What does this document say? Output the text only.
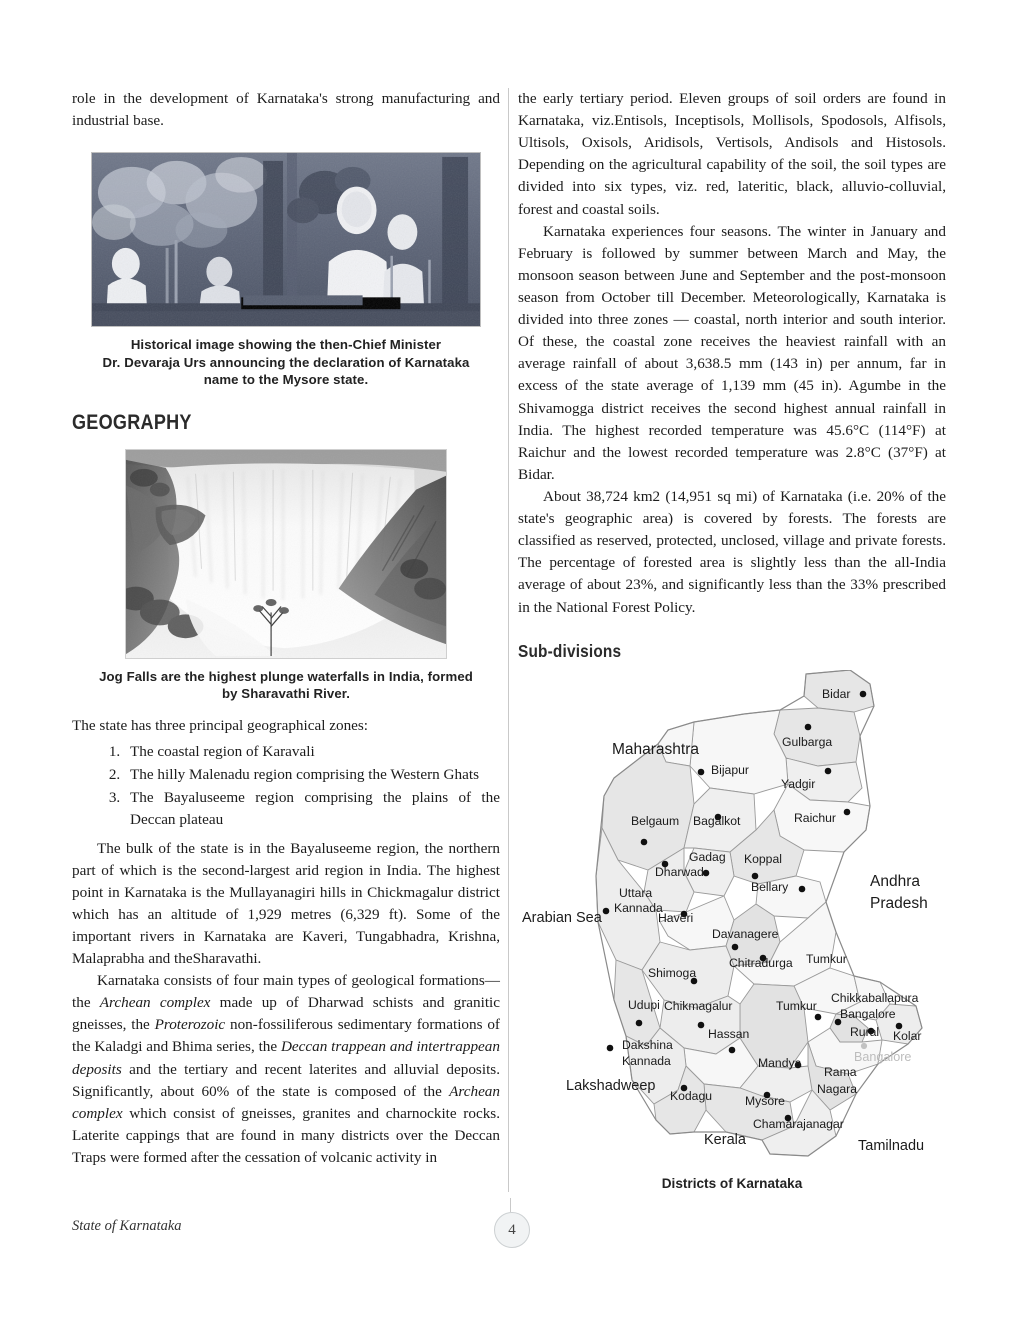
role in the development of Karnataka's strong manufacturing and industrial base.

Historical image showing the then-Chief Minister
Dr. Devaraja Urs announcing the declaration of Karnataka
name to the Mysore state.
GEOGRAPHY
Jog Falls are the highest plunge waterfalls in India, formed
by Sharavathi River.

The state has three principal geographical zones:

1. The coastal region of Karavali
2. The hilly Malenadu region comprising the Western Ghats
3. The Bayaluseeme region comprising the plains of the Deccan plateau

The bulk of the state is in the Bayaluseeme region, the northern part of which is the second-largest arid region in India. The highest point in Karnataka is the Mullayanagiri hills in Chickmagalur district which has an altitude of 1,929 metres (6,329 ft). Some of the important rivers in Karnataka are Kaveri, Tungabhadra, Krishna, Malaprabha and theSharavathi.

Karnataka consists of four main types of geological formations— the Archean complex made up of Dharwad schists and granitic gneisses, the Proterozoic non-fossiliferous sedimentary formations of the Kaladgi and Bhima series, the Deccan trappean and intertrappean deposits and the tertiary and recent laterites and alluvial deposits. Significantly, about 60% of the state is composed of the Archean complex which consist of gneisses, granites and charnockite rocks. Laterite cappings that are found in many districts over the Deccan Traps were formed after the cessation of volcanic activity in

the early tertiary period. Eleven groups of soil orders are found in Karnataka, viz.Entisols, Inceptisols, Mollisols, Spodosols, Alfisols, Ultisols, Oxisols, Aridisols, Vertisols, Andisols and Histosols. Depending on the agricultural capability of the soil, the soil types are divided into six types, viz. red, lateritic, black, alluvio-colluvial, forest and coastal soils.

Karnataka experiences four seasons. The winter in January and February is followed by summer between March and May, the monsoon season between June and September and the post-monsoon season from October till December. Meteorologically, Karnataka is divided into three zones — coastal, north interior and south interior. Of these, the coastal zone receives the heaviest rainfall with an average rainfall of about 3,638.5 mm (143 in) per annum, far in excess of the state average of 1,139 mm (45 in). Agumbe in the Shivamogga district receives the second highest annual rainfall in India. The highest recorded temperature was 45.6°C (114°F) at Raichur and the lowest recorded temperature was 2.8°C (37°F) at Bidar.

About 38,724 km2 (14,951 sq mi) of Karnataka (i.e. 20% of the state's geographic area) is covered by forests. The forests are classified as reserved, protected, unclosed, village and private forests. The percentage of forested area is slightly less than the all-India average of about 23%, and significantly less than the 33% prescribed in the National Forest Policy.

Sub-divisions
Maharashtra
Andhra
Pradesh
Arabian Sea
Lakshadweep
Kerala	Tamilnadu
Bangalore
Bidar
Gulbarga
Bijapur
Yadgir
Raichur
Belgaum Bagalkot
Gadag Koppal
Dharwad
Bellary
Uttara
Kannada
Haveri
Davanagere
Chitradurga Tumkur
Shimoga
Chikkaballapura
Udupi Chikmagalur	Tumkur
Bangalore
Rural Kolar
Hassan
Dakshina
Kannada	Mandya
Rama
Nagara
Kodagu	Mysore
Chamarajanagar
Districts of Karnataka
State of Karnataka	4
